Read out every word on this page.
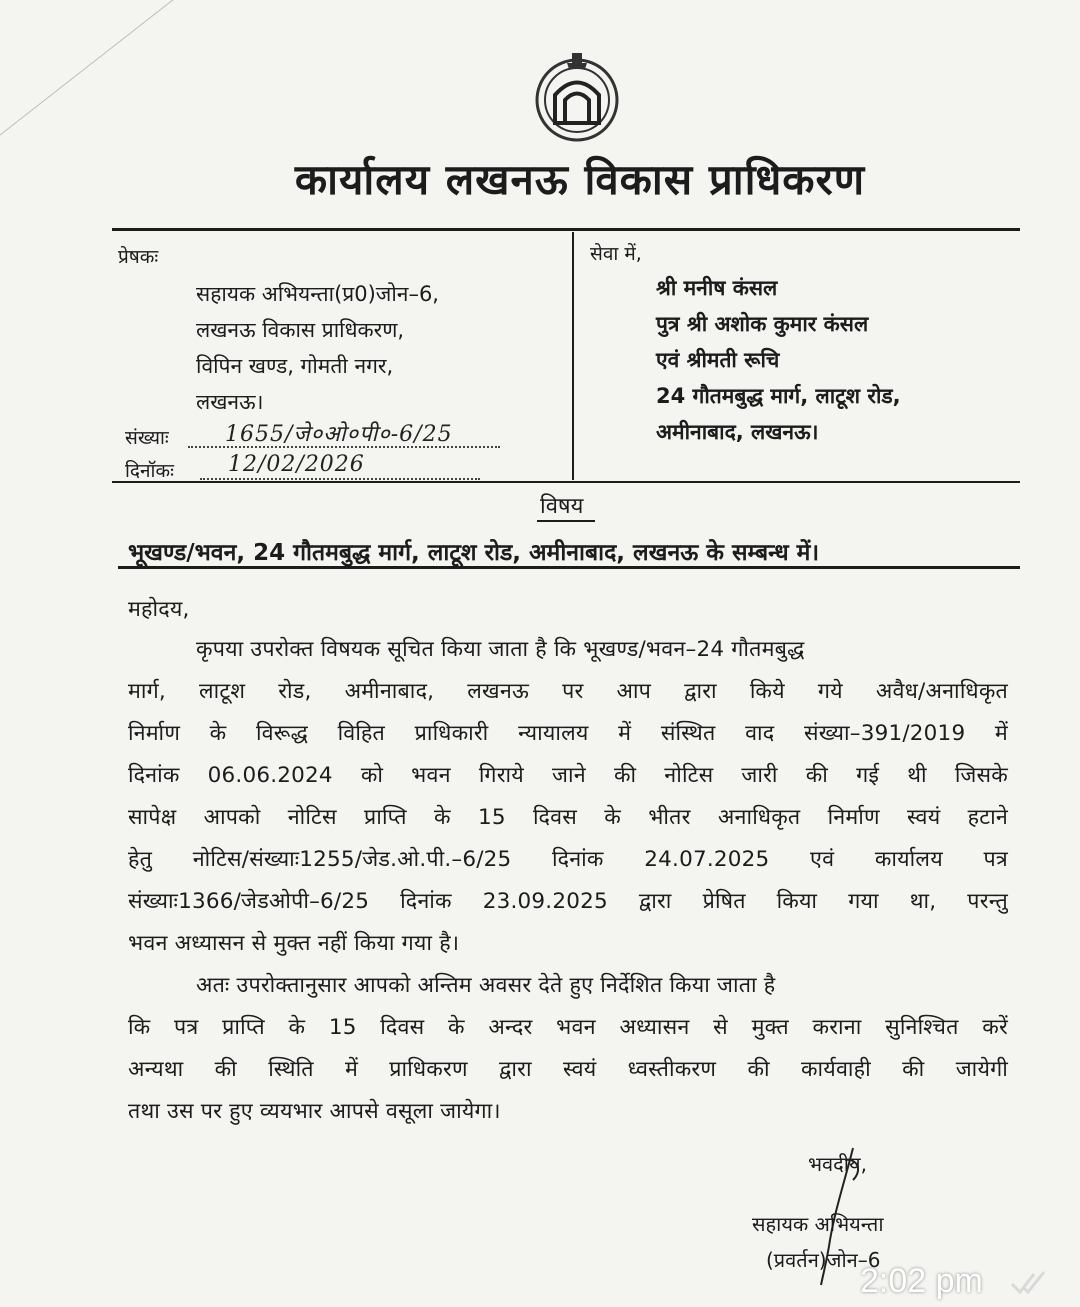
कार्यालय लखनऊ विकास प्राधिकरण
प्रेषकः
सहायक अभियन्ता(प्र0)जोन–6,
लखनऊ विकास प्राधिकरण,
विपिन खण्ड, गोमती नगर,
लखनऊ।
संख्याः	1655/जे०ओ०पी०-6/25
दिनॉकः 12/02/2026
सेवा में,
श्री मनीष कंसल
पुत्र श्री अशोक कुमार कंसल
एवं श्रीमती रूचि
24 गौतमबुद्ध मार्ग, लाटूश रोड,
अमीनाबाद, लखनऊ।
विषय
भूखण्ड/भवन, 24 गौतमबुद्ध मार्ग, लाटूश रोड, अमीनाबाद, लखनऊ के सम्बन्ध में।
महोदय,
कृपया उपरोक्त विषयक सूचित किया जाता है कि भूखण्ड/भवन–24 गौतमबुद्ध
मार्ग, लाटूश रोड, अमीनाबाद, लखनऊ पर आप द्वारा किये गये अवैध/अनाधिकृत
निर्माण के विरूद्ध विहित प्राधिकारी न्यायालय में संस्थित वाद संख्या–391/2019 में
दिनांक 06.06.2024 को भवन गिराये जाने की नोटिस जारी की गई थी जिसके
सापेक्ष आपको नोटिस प्राप्ति के 15 दिवस के भीतर अनाधिकृत निर्माण स्वयं हटाने
हेतु नोटिस/संख्याः1255/जेड.ओ.पी.–6/25 दिनांक 24.07.2025 एवं कार्यालय पत्र
संख्याः1366/जेडओपी–6/25 दिनांक 23.09.2025 द्वारा प्रेषित किया गया था, परन्तु
भवन अध्यासन से मुक्त नहीं किया गया है।
अतः उपरोक्तानुसार आपको अन्तिम अवसर देते हुए निर्देशित किया जाता है
कि पत्र प्राप्ति के 15 दिवस के अन्दर भवन अध्यासन से मुक्त कराना सुनिश्चित करें
अन्यथा की स्थिति में प्राधिकरण द्वारा स्वयं ध्वस्तीकरण की कार्यवाही की जायेगी
तथा उस पर हुए व्ययभार आपसे वसूला जायेगा।
भवदीय,
सहायक अभियन्ता
(प्रवर्तन)जोन–6
2:02 pm
